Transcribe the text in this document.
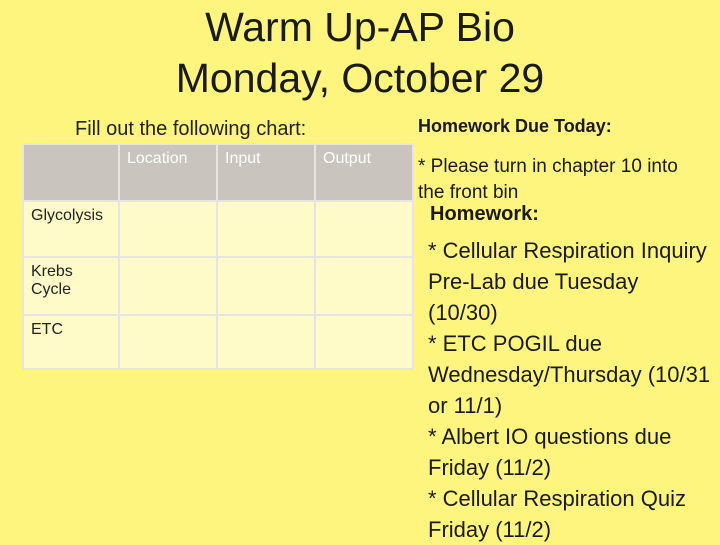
Warm Up-AP Bio
Monday, October 29
Fill out the following chart:
	Location	Input	Output
Glycolysis			
Krebs Cycle			
ETC			
Homework Due Today:
* Please turn in chapter 10 into the front bin
Homework:
* Cellular Respiration Inquiry Pre-Lab due Tuesday (10/30)
* ETC POGIL due Wednesday/Thursday (10/31 or 11/1)
* Albert IO questions due Friday (11/2)
* Cellular Respiration Quiz Friday (11/2)
